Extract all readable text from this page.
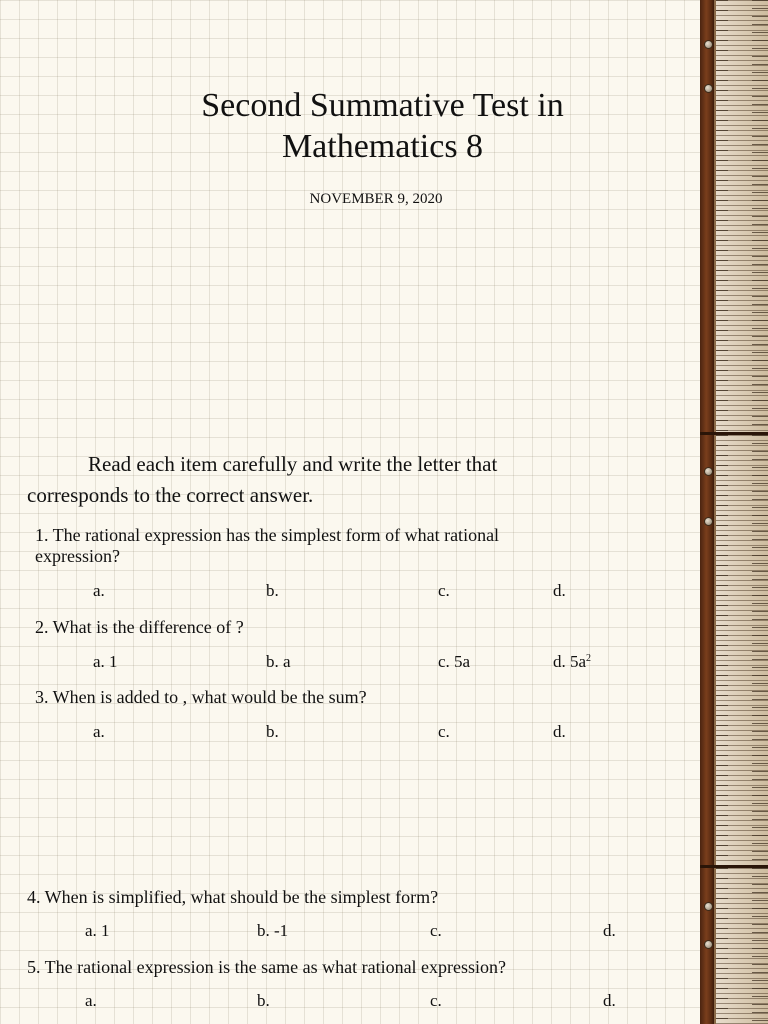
Second Summative Test in
Mathematics 8
NOVEMBER 9, 2020
Read each item carefully and write the letter that
corresponds to the correct answer.
1. The rational expression has the simplest form of what rational
expression?
a.	b.	c.	d.
2. What is the difference of ?
a. 1	b. a	c. 5a	d. $5a^2$
3. When is added to , what would be the sum?
a.	b.	c.	d.
4. When is simplified, what should be the simplest form?
a. 1	b. -1	c.	d.
5. The rational expression is the same as what rational expression?
a.	b.	c.	d.
